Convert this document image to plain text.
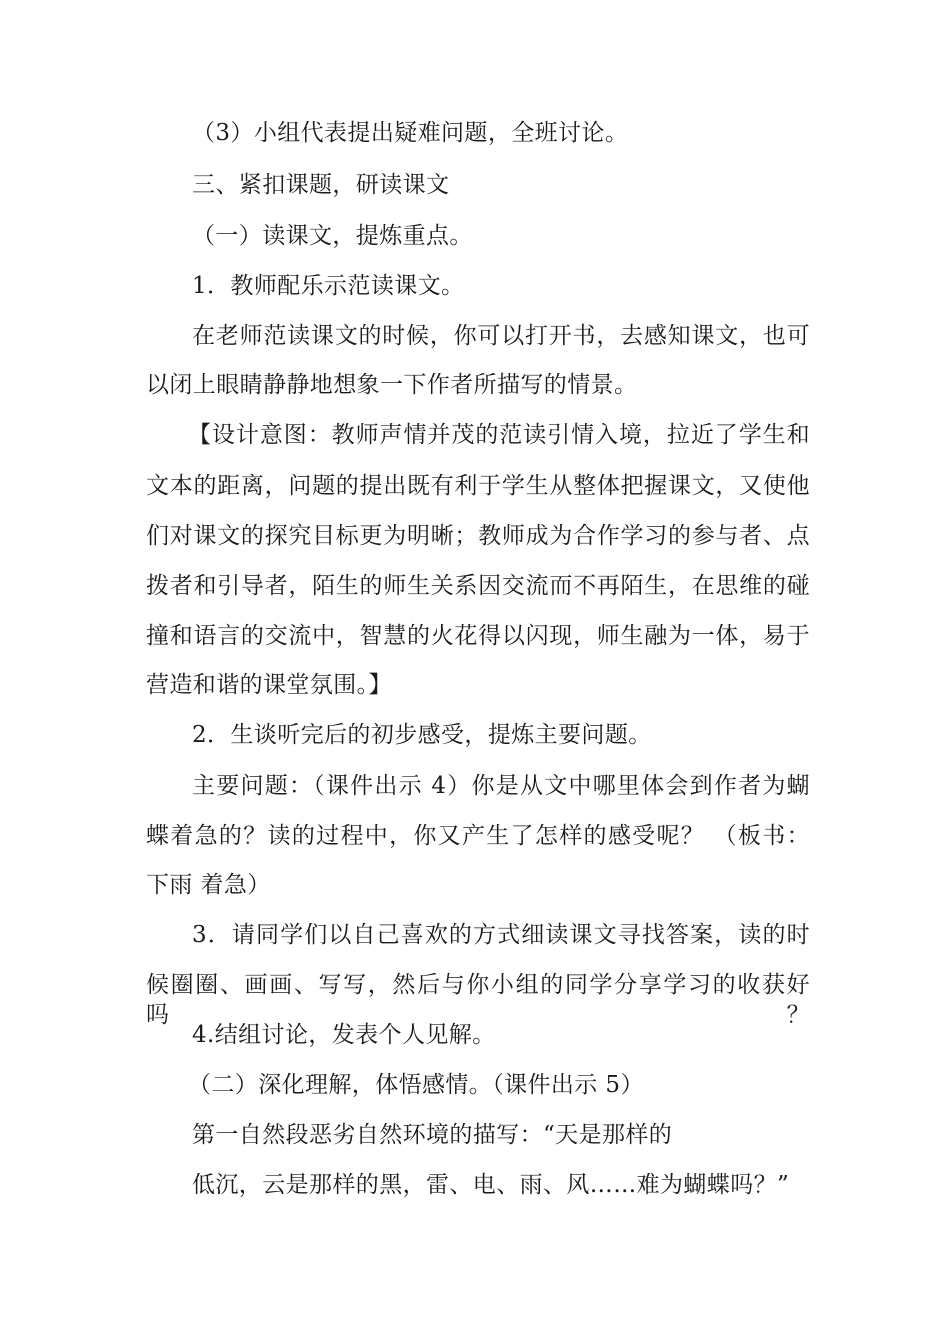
（3）小组代表提出疑难问题，全班讨论。
三、紧扣课题，研读课文
（一）读课文，提炼重点。
1．教师配乐示范读课文。
在老师范读课文的时候，你可以打开书，去感知课文，也可
以闭上眼睛静静地想象一下作者所描写的情景。
【设计意图：教师声情并茂的范读引情入境，拉近了学生和
文本的距离，问题的提出既有利于学生从整体把握课文，又使他
们对课文的探究目标更为明晰；教师成为合作学习的参与者、点
拨者和引导者，陌生的师生关系因交流而不再陌生，在思维的碰
撞和语言的交流中，智慧的火花得以闪现，师生融为一体，易于
营造和谐的课堂氛围。】
2．生谈听完后的初步感受，提炼主要问题。
主要问题：（课件出示 4）你是从文中哪里体会到作者为蝴
蝶着急的？读的过程中，你又产生了怎样的感受呢？ （板书：
下雨 着急）
3．请同学们以自己喜欢的方式细读课文寻找答案，读的时
候圈圈、画画、写写，然后与你小组的同学分享学习的收获好吗？
4.结组讨论，发表个人见解。
（二）深化理解，体悟感情。（课件出示 5）
第一自然段恶劣自然环境的描写：“天是那样的
低沉，云是那样的黑，雷、电、雨、风……难为蝴蝶吗？”
